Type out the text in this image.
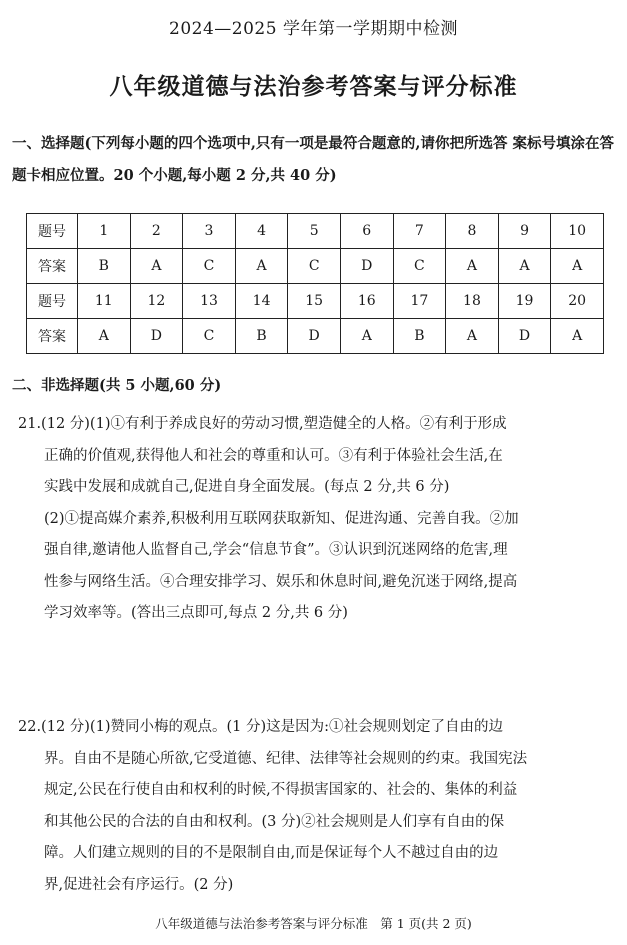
2024—2025 学年第一学期期中检测
八年级道德与法治参考答案与评分标准
一、选择题(下列每小题的四个选项中,只有一项是最符合题意的,请你把所选答 案标号填涂在答题卡相应位置。20 个小题,每小题 2 分,共 40 分)
题号	1	2	3	4	5	6	7	8	9	10
答案	B	A	C	A	C	D	C	A	A	A
题号	11	12	13	14	15	16	17	18	19	20
答案	A	D	C	B	D	A	B	A	D	A
二、非选择题(共 5 小题,60 分)
21.(12 分)(1)①有利于养成良好的劳动习惯,塑造健全的人格。②有利于形成
正确的价值观,获得他人和社会的尊重和认可。③有利于体验社会生活,在
实践中发展和成就自己,促进自身全面发展。(每点 2 分,共 6 分)
(2)①提高媒介素养,积极利用互联网获取新知、促进沟通、完善自我。②加
强自律,邀请他人监督自己,学会“信息节食”。③认识到沉迷网络的危害,理
性参与网络生活。④合理安排学习、娱乐和休息时间,避免沉迷于网络,提高
学习效率等。(答出三点即可,每点 2 分,共 6 分)
22.(12 分)(1)赞同小梅的观点。(1 分)这是因为:①社会规则划定了自由的边
界。自由不是随心所欲,它受道德、纪律、法律等社会规则的约束。我国宪法
规定,公民在行使自由和权利的时候,不得损害国家的、社会的、集体的利益
和其他公民的合法的自由和权利。(3 分)②社会规则是人们享有自由的保
障。人们建立规则的目的不是限制自由,而是保证每个人不越过自由的边
界,促进社会有序运行。(2 分)
八年级道德与法治参考答案与评分标准　第 1 页(共 2 页)
